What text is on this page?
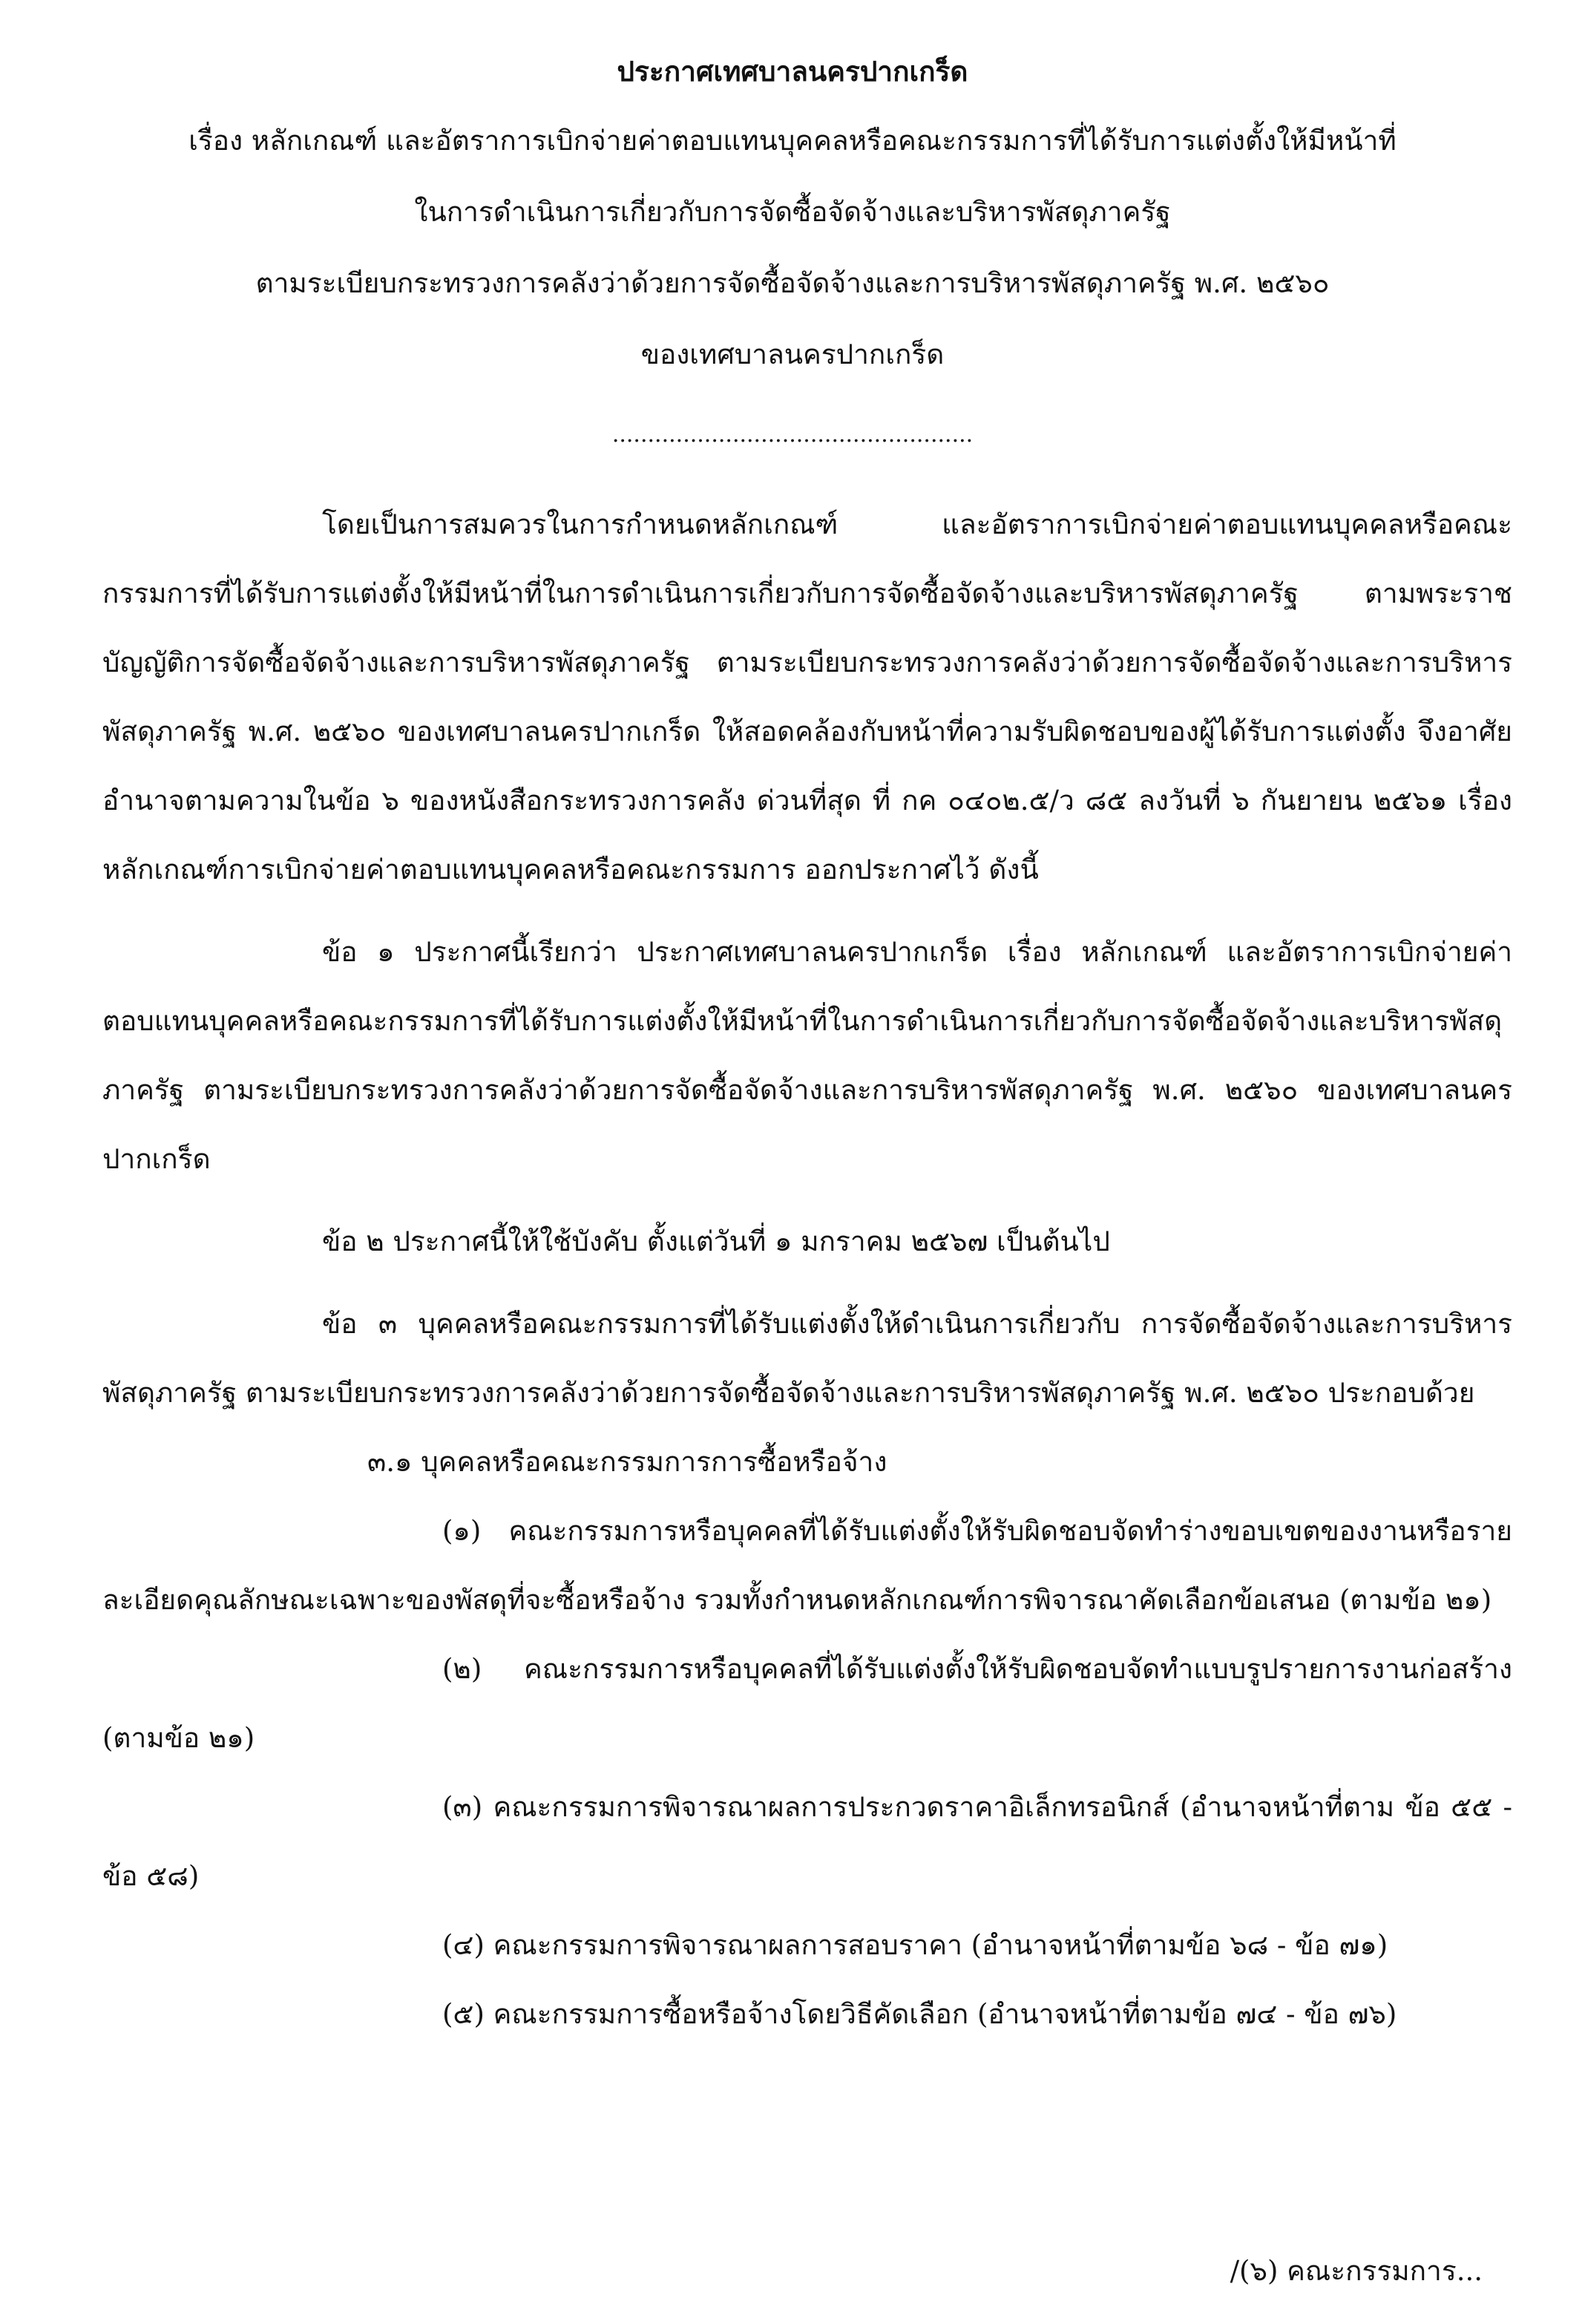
ประกาศเทศบาลนครปากเกร็ด
เรื่อง หลักเกณฑ์ และอัตราการเบิกจ่ายค่าตอบแทนบุคคลหรือคณะกรรมการที่ได้รับการแต่งตั้งให้มีหน้าที่
ในการดำเนินการเกี่ยวกับการจัดซื้อจัดจ้างและบริหารพัสดุภาครัฐ
ตามระเบียบกระทรวงการคลังว่าด้วยการจัดซื้อจัดจ้างและการบริหารพัสดุภาครัฐ พ.ศ. ๒๕๖๐
ของเทศบาลนครปากเกร็ด
...................................................

โดยเป็นการสมควรในการกำหนดหลักเกณฑ์ และอัตราการเบิกจ่ายค่าตอบแทนบุคคลหรือคณะกรรมการที่ได้รับการแต่งตั้งให้มีหน้าที่ในการดำเนินการเกี่ยวกับการจัดซื้อจัดจ้างและบริหารพัสดุภาครัฐ ตามพระราชบัญญัติการจัดซื้อจัดจ้างและการบริหารพัสดุภาครัฐ ตามระเบียบกระทรวงการคลังว่าด้วยการจัดซื้อจัดจ้างและการบริหารพัสดุภาครัฐ พ.ศ. ๒๕๖๐ ของเทศบาลนครปากเกร็ด ให้สอดคล้องกับหน้าที่ความรับผิดชอบของผู้ได้รับการแต่งตั้ง จึงอาศัยอำนาจตามความในข้อ ๖ ของหนังสือกระทรวงการคลัง ด่วนที่สุด ที่ กค ๐๔๐๒.๕/ว ๘๕ ลงวันที่ ๖ กันยายน ๒๕๖๑ เรื่อง หลักเกณฑ์การเบิกจ่ายค่าตอบแทนบุคคลหรือคณะกรรมการ ออกประกาศไว้ ดังนี้

ข้อ ๑ ประกาศนี้เรียกว่า ประกาศเทศบาลนครปากเกร็ด เรื่อง หลักเกณฑ์ และอัตราการเบิกจ่ายค่าตอบแทนบุคคลหรือคณะกรรมการที่ได้รับการแต่งตั้งให้มีหน้าที่ในการดำเนินการเกี่ยวกับการจัดซื้อจัดจ้างและบริหารพัสดุภาครัฐ ตามระเบียบกระทรวงการคลังว่าด้วยการจัดซื้อจัดจ้างและการบริหารพัสดุภาครัฐ พ.ศ. ๒๕๖๐ ของเทศบาลนครปากเกร็ด

ข้อ ๒ ประกาศนี้ให้ใช้บังคับ ตั้งแต่วันที่ ๑ มกราคม ๒๕๖๗ เป็นต้นไป

ข้อ ๓ บุคคลหรือคณะกรรมการที่ได้รับแต่งตั้งให้ดำเนินการเกี่ยวกับ การจัดซื้อจัดจ้างและการบริหารพัสดุภาครัฐ ตามระเบียบกระทรวงการคลังว่าด้วยการจัดซื้อจัดจ้างและการบริหารพัสดุภาครัฐ พ.ศ. ๒๕๖๐ ประกอบด้วย

๓.๑ บุคคลหรือคณะกรรมการการซื้อหรือจ้าง

(๑) คณะกรรมการหรือบุคคลที่ได้รับแต่งตั้งให้รับผิดชอบจัดทำร่างขอบเขตของงานหรือรายละเอียดคุณลักษณะเฉพาะของพัสดุที่จะซื้อหรือจ้าง รวมทั้งกำหนดหลักเกณฑ์การพิจารณาคัดเลือกข้อเสนอ (ตามข้อ ๒๑)

(๒) คณะกรรมการหรือบุคคลที่ได้รับแต่งตั้งให้รับผิดชอบจัดทำแบบรูปรายการงานก่อสร้าง (ตามข้อ ๒๑)

(๓) คณะกรรมการพิจารณาผลการประกวดราคาอิเล็กทรอนิกส์ (อำนาจหน้าที่ตาม ข้อ ๕๕ - ข้อ ๕๘)

(๔) คณะกรรมการพิจารณาผลการสอบราคา (อำนาจหน้าที่ตามข้อ ๖๘ - ข้อ ๗๑)

(๕) คณะกรรมการซื้อหรือจ้างโดยวิธีคัดเลือก (อำนาจหน้าที่ตามข้อ ๗๔ - ข้อ ๗๖)

/(๖) คณะกรรมการ...
